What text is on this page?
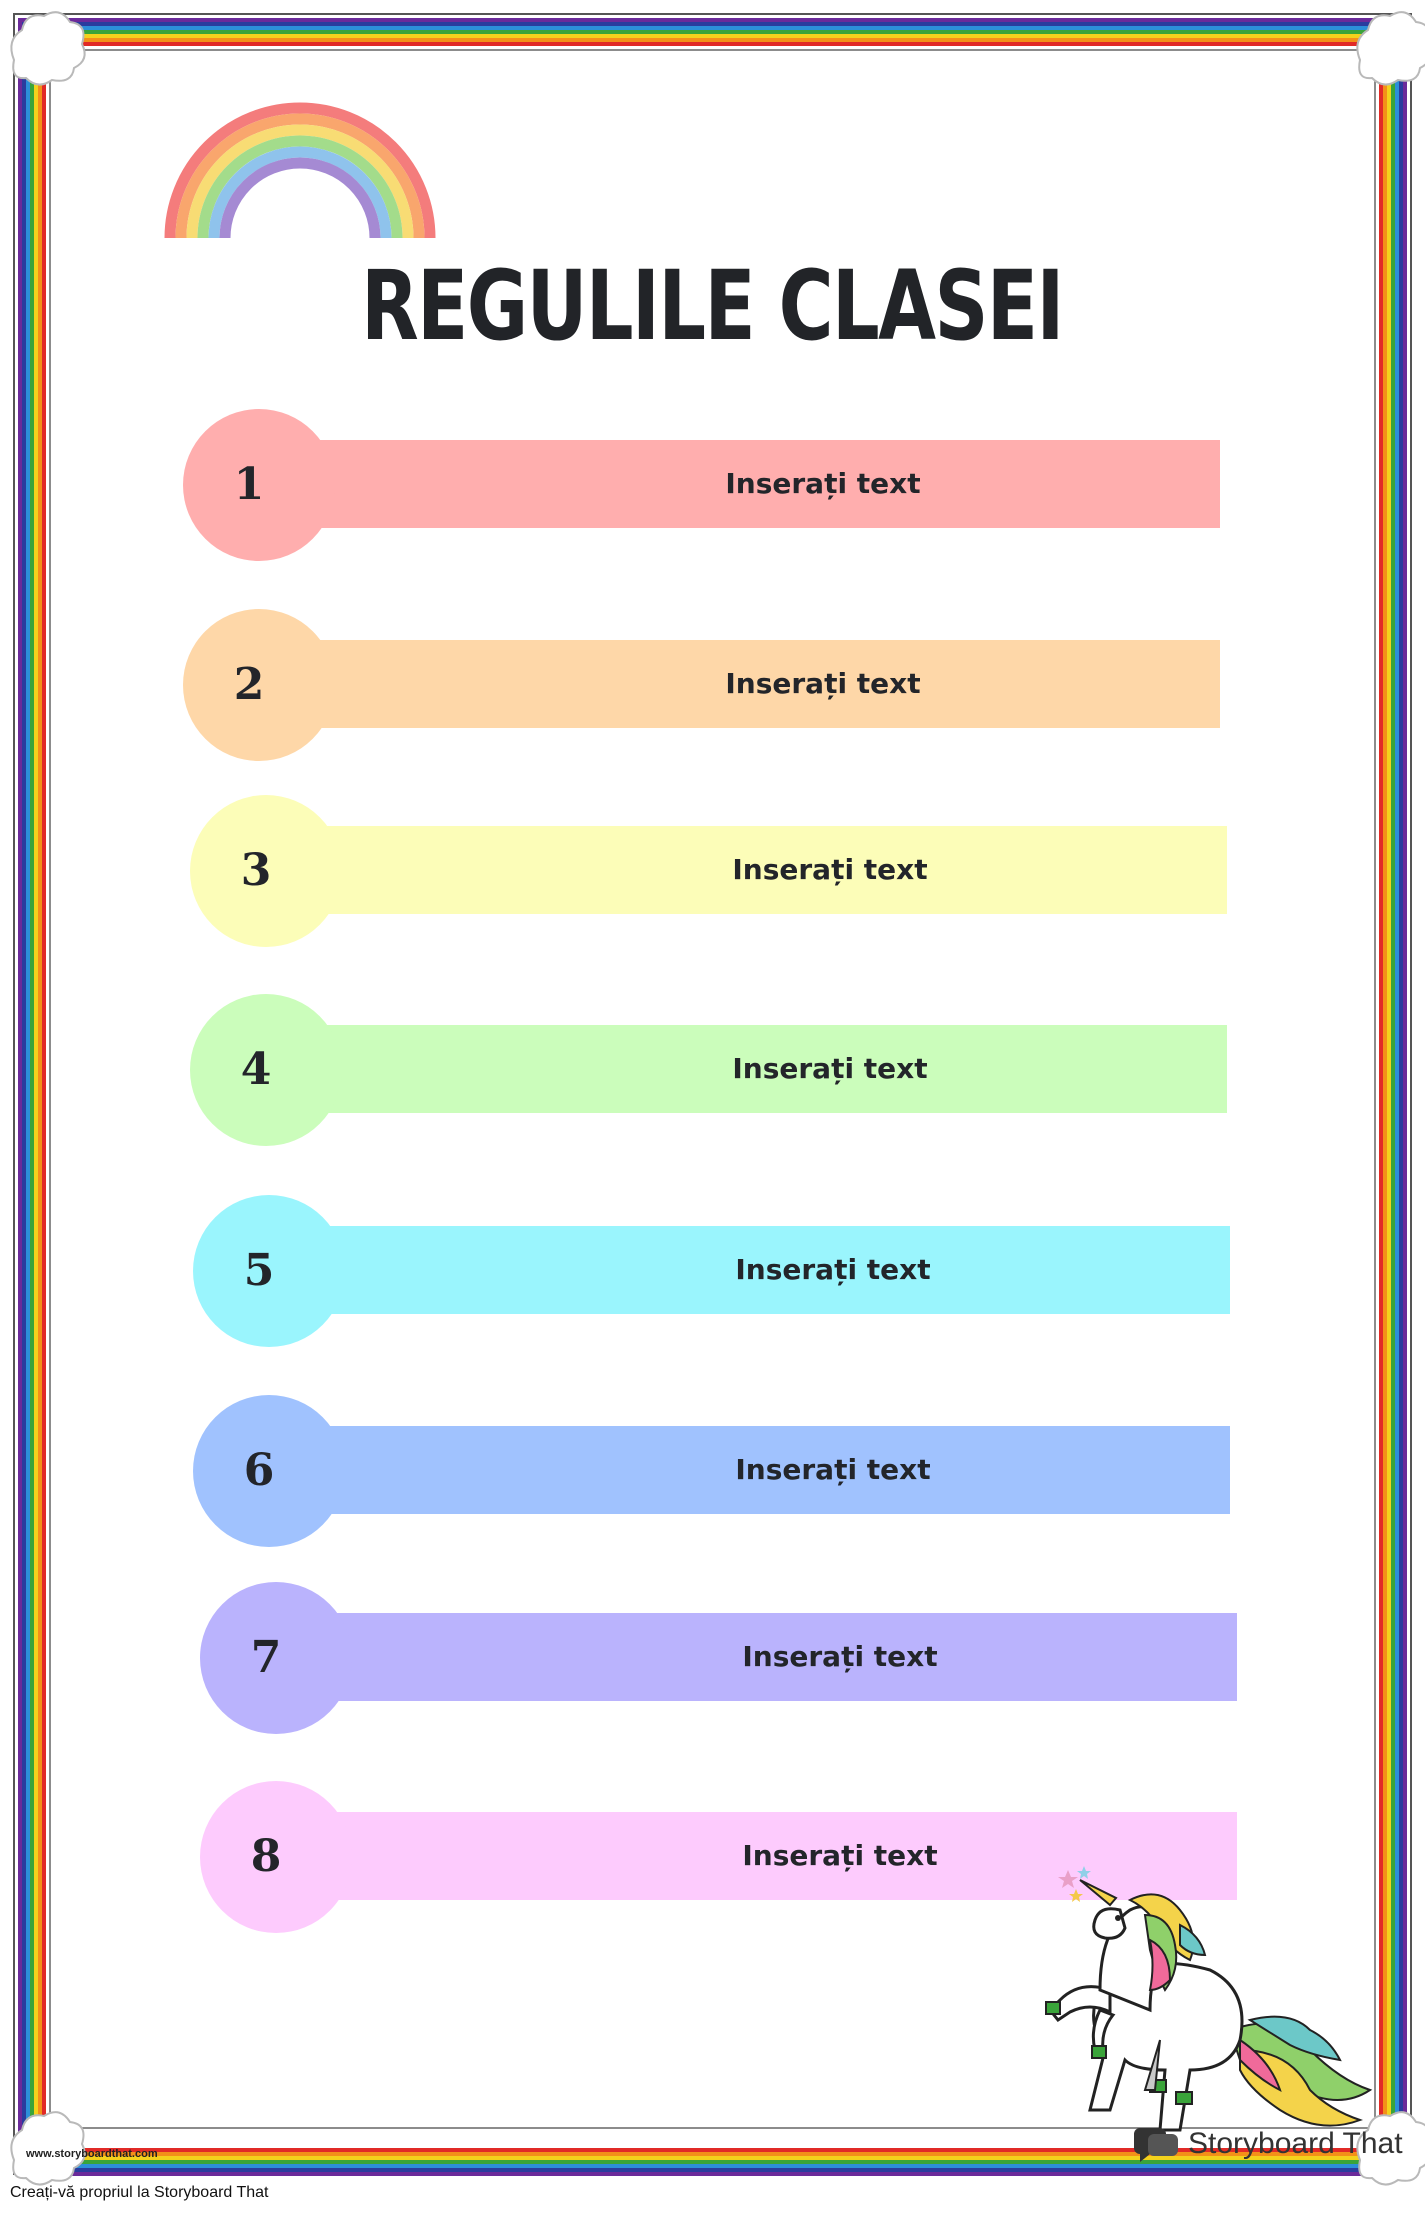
REGULILE CLASEI
1	Inserați text
2	Inserați text
3	Inserați text
4	Inserați text
5	Inserați text
6	Inserați text
7	Inserați text
8	Inserați text
www.storyboardthat.com	Storyboard That
Creați-vă propriul la Storyboard That
